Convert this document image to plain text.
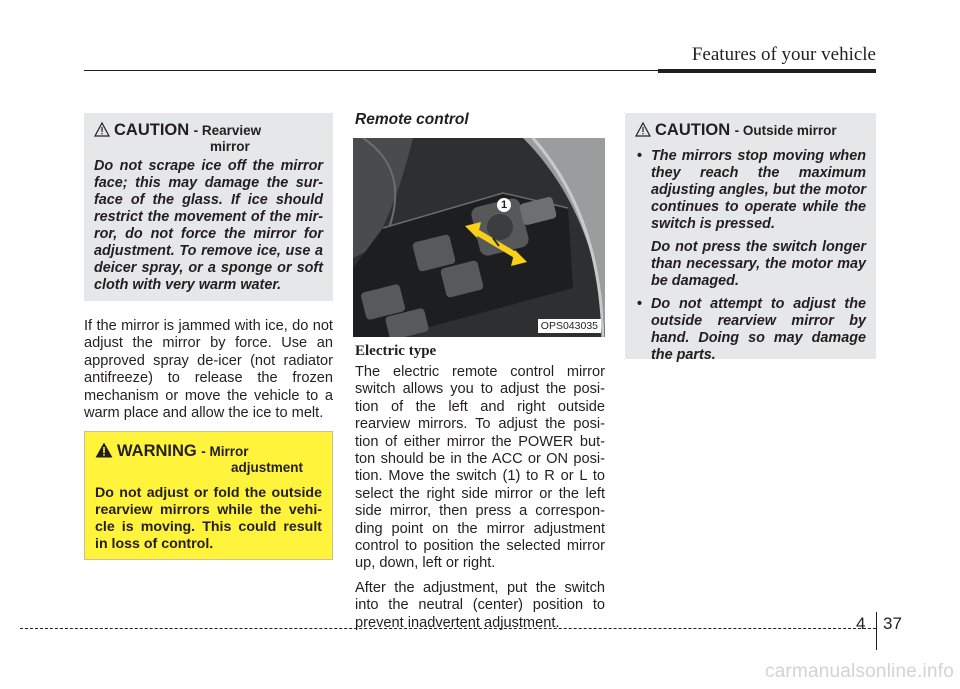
Features of your vehicle
CAUTION - Rearview
mirror
Do not scrape ice off the mirror face; this may damage the sur-face of the glass. If ice should restrict the movement of the mir-ror, do not force the mirror for adjustment. To remove ice, use a deicer spray, or a sponge or soft cloth with very warm water.

If the mirror is jammed with ice, do not adjust the mirror by force. Use an approved spray de-icer (not radiator antifreeze) to release the frozen mechanism or move the vehicle to a warm place and allow the ice to melt.

WARNING - Mirror
adjustment
Do not adjust or fold the outside rearview mirrors while the vehi-cle is moving. This could result in loss of control.
Remote control
1
OPS043035
Electric type

The electric remote control mirror switch allows you to adjust the posi-tion of the left and right outside rearview mirrors. To adjust the posi-tion of either mirror the POWER but-ton should be in the ACC or ON posi-tion. Move the switch (1) to R or L to select the right side mirror or the left side mirror, then press a correspon-ding point on the mirror adjustment control to position the selected mirror up, down, left or right.

After the adjustment, put the switch into the neutral (center) position to prevent inadvertent adjustment.

CAUTION - Outside mirror
• The mirrors stop moving when they reach the maximum adjusting angles, but the motor continues to operate while the switch is pressed.

Do not press the switch longer than necessary, the motor may be damaged.

• Do not attempt to adjust the outside rearview mirror by hand. Doing so may damage the parts.

4 37
carmanualsonline.info
